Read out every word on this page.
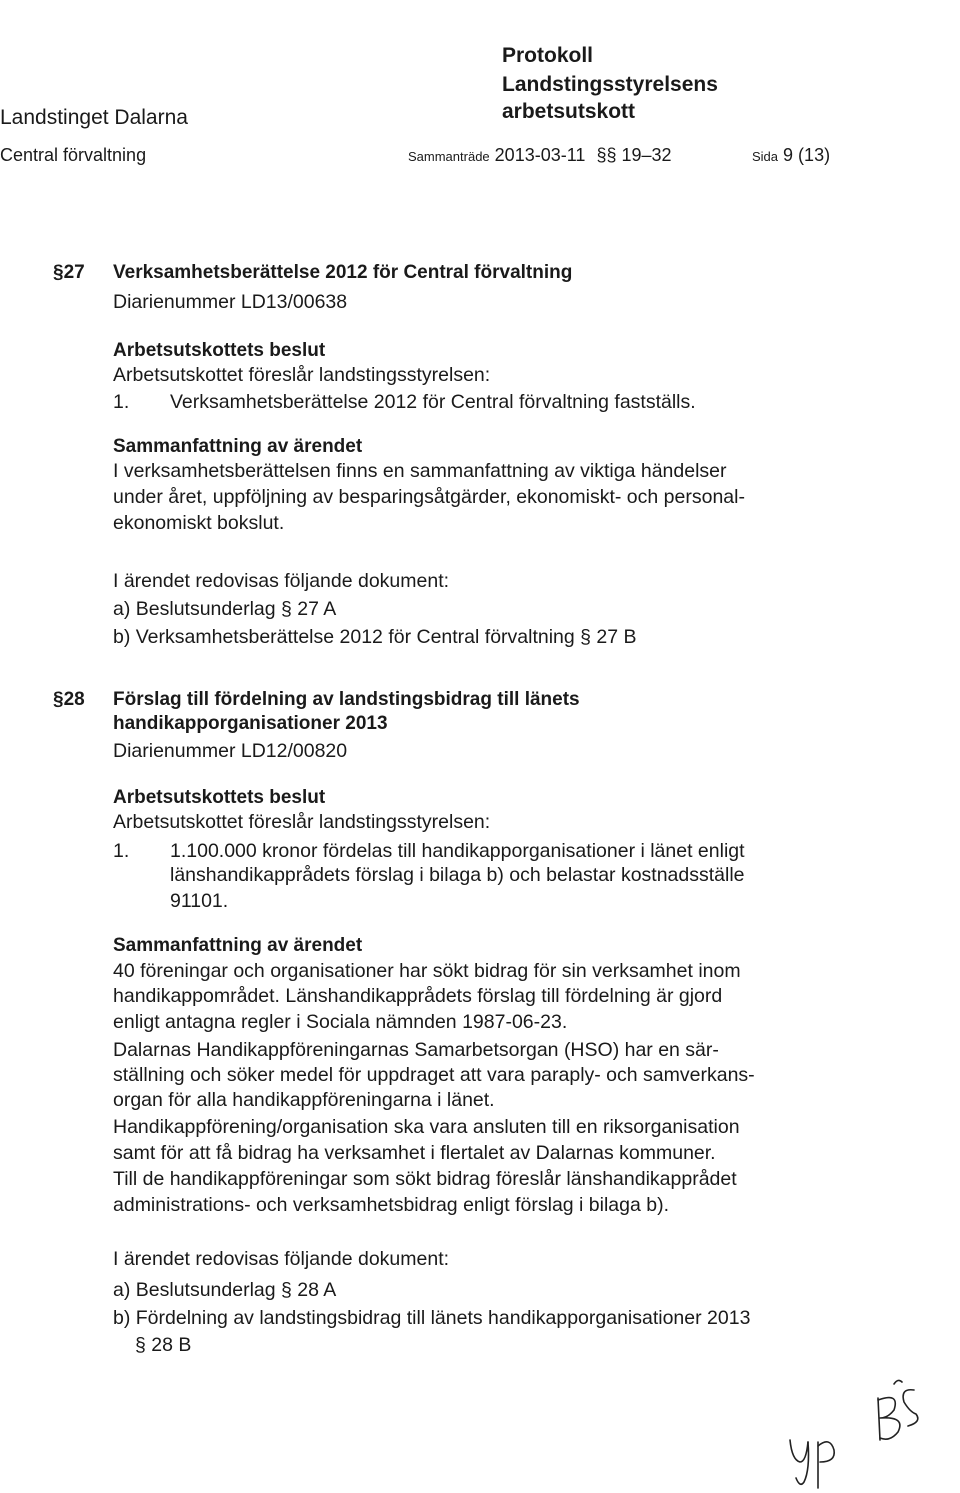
Protokoll
Landstingsstyrelsens
arbetsutskott
Landstinget Dalarna
Central förvaltning	Sammanträde 2013-03-11 §§ 19–32	Sida 9 (13)
§27 Verksamhetsberättelse 2012 för Central förvaltning
Diarienummer LD13/00638
Arbetsutskottets beslut
Arbetsutskottet föreslår landstingsstyrelsen:
1. Verksamhetsberättelse 2012 för Central förvaltning fastställs.
Sammanfattning av ärendet
I verksamhetsberättelsen finns en sammanfattning av viktiga händelser
under året, uppföljning av besparingsåtgärder, ekonomiskt- och personal-
ekonomiskt bokslut.
I ärendet redovisas följande dokument:
a) Beslutsunderlag § 27 A
b) Verksamhetsberättelse 2012 för Central förvaltning § 27 B
§28 Förslag till fördelning av landstingsbidrag till länets
handikapporganisationer 2013
Diarienummer LD12/00820
Arbetsutskottets beslut
Arbetsutskottet föreslår landstingsstyrelsen:
1. 1.100.000 kronor fördelas till handikapporganisationer i länet enligt
länshandikapprådets förslag i bilaga b) och belastar kostnadsställe
91101.
Sammanfattning av ärendet
40 föreningar och organisationer har sökt bidrag för sin verksamhet inom
handikappområdet. Länshandikapprådets förslag till fördelning är gjord
enligt antagna regler i Sociala nämnden 1987-06-23.
Dalarnas Handikappföreningarnas Samarbetsorgan (HSO) har en sär-
ställning och söker medel för uppdraget att vara paraply- och samverkans-
organ för alla handikappföreningarna i länet.
Handikappförening/organisation ska vara ansluten till en riksorganisation
samt för att få bidrag ha verksamhet i flertalet av Dalarnas kommuner.
Till de handikappföreningar som sökt bidrag föreslår länshandikapprådet
administrations- och verksamhetsbidrag enligt förslag i bilaga b).
I ärendet redovisas följande dokument:
a) Beslutsunderlag § 28 A
b) Fördelning av landstingsbidrag till länets handikapporganisationer 2013
§ 28 B
